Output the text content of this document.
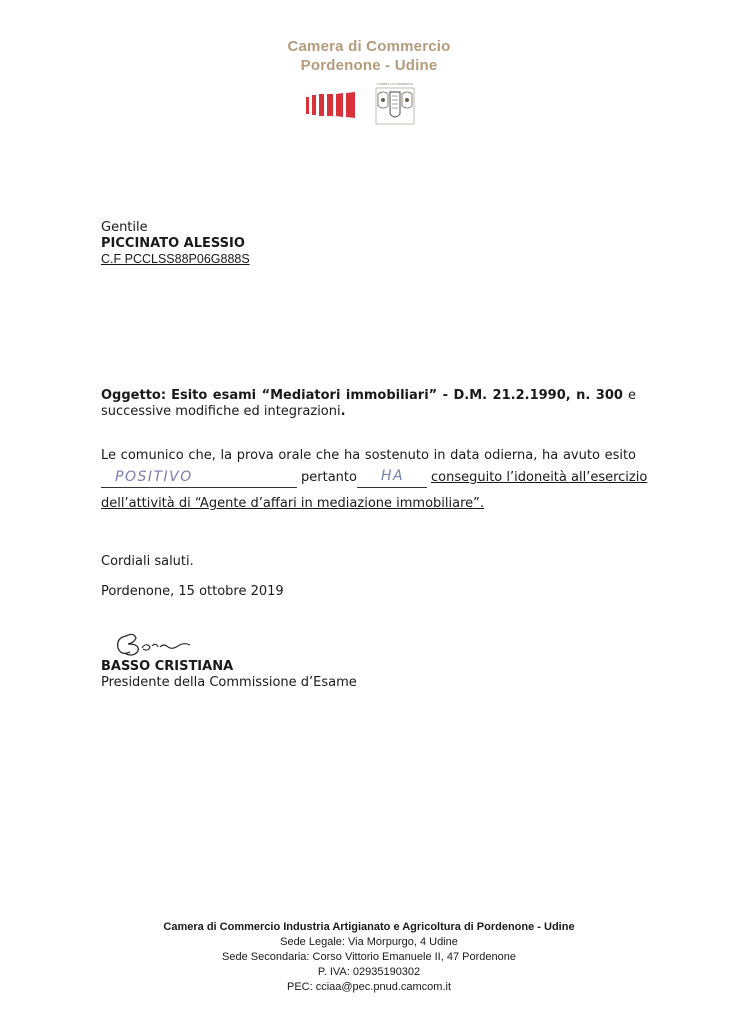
Camera di Commercio
Pordenone - Udine
CAMERA DI COMMERCIO
Gentile
PICCINATO ALESSIO
C.F PCCLSS88P06G888S
Oggetto: Esito esami “Mediatori immobiliari” - D.M. 21.2.1990, n. 300 e
successive modifiche ed integrazioni.
Le comunico che, la prova orale che ha sostenuto in data odierna, ha avuto esito
POSITIVO	pertanto HA conseguito l’idoneità all’esercizio
dell’attività di “Agente d’affari in mediazione immobiliare”.
Cordiali saluti.
Pordenone, 15 ottobre 2019
BASSO CRISTIANA
Presidente della Commissione d’Esame
Camera di Commercio Industria Artigianato e Agricoltura di Pordenone - Udine
Sede Legale: Via Morpurgo, 4 Udine
Sede Secondaria: Corso Vittorio Emanuele II, 47 Pordenone
P. IVA: 02935190302
PEC: cciaa@pec.pnud.camcom.it
